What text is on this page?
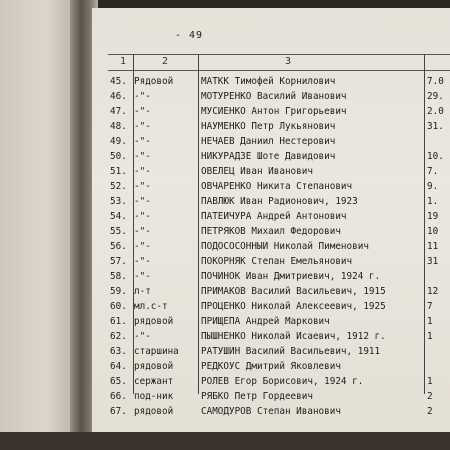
- 49
1	2	3
45. Рядовой	МАТКК Тимофей Корнилович	7.0
46. -"-	МОТУРЕНКО Василий Иванович	29.
47. -"-	МУСИЕНКО Антон Григорьевич	2.0
48. -"-	НАУМЕНКО Петр Лукьянович	31.
49. -"-	НЕЧАЕВ Даниил Нестерович
50. -"-	НИКУРАДЗЕ Шоте Давидович	10.
51. -"-	ОВЕЛЕЦ Иван Иванович	7.
52. -"-	ОВЧАРЕНКО Никита Степанович	9.
53. -"-	ПАВЛЮК Иван Радионович, 1923	1.
54. -"-	ПАТЕЙЧУРА Андрей Антонович	19
55. -"-	ПЕТРЯКОВ Михаил Федорович	10
56. -"-	ПОДОСОСОННЫЙ Николай Пименович	11
57. -"-	ПОКОРНЯК Степан Емельянович	31
58. -"-	ПОЧИНОК Иван Дмитриевич, 1924 г.
59. л-т	ПРИМАКОВ Василий Васильевич, 1915	12
60. мл.с-т	ПРОЦЕНКО Николай Алексеевич, 1925	7
61. рядовой	ПРИЩЕПА Андрей Маркович	1
62. -"-	ПЫШНЕНКО Николай Исаевич, 1912 г.	1
63. старшина	РАТУШИН Василий Васильевич, 1911
64. рядовой	РЕДКОУС Дмитрий Яковлевич
65. сержант	РОЛЕВ Егор Борисович, 1924 г.	1
66. под-ник	РЯБКО Петр Гордеевич	2
67. рядовой	САМОДУРОВ Степан Иванович	2
